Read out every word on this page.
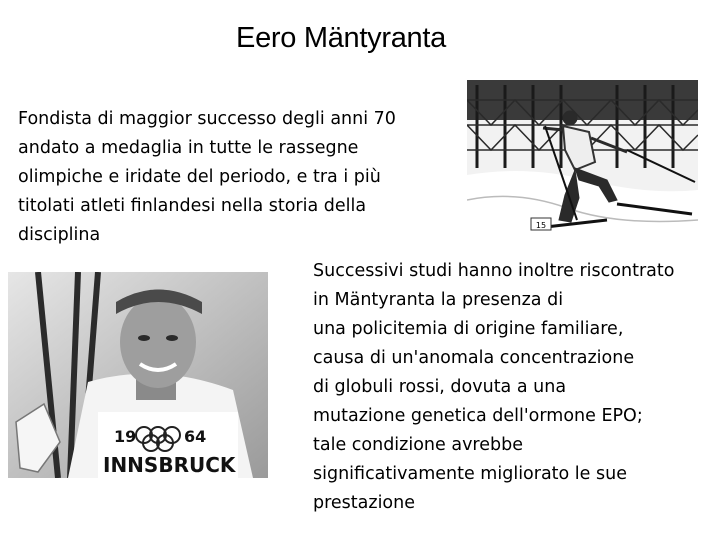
Eero Mäntyranta
Fondista di maggior successo degli anni 70
andato a medaglia in tutte le rassegne
olimpiche e iridate del periodo, e tra i più
titolati atleti finlandesi nella storia della
disciplina	15
Successivi studi hanno inoltre riscontrato
in Mäntyranta la presenza di
una policitemia di origine familiare,
causa di un'anomala concentrazione
di globuli rossi, dovuta a una
mutazione genetica dell'ormone EPO;
tale condizione avrebbe
significativamente migliorato le sue
prestazione
19	64
INNSBRUCK
